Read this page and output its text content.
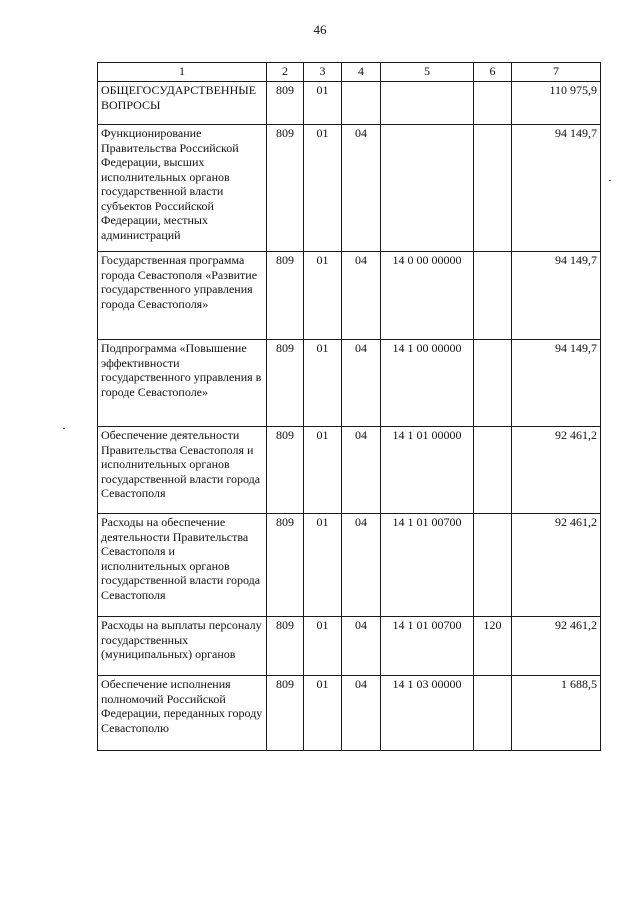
46
1	2	3	4	5	6	7
ОБЩЕГОСУДАРСТВЕННЫЕ ВОПРОСЫ	809	01				110 975,9
Функционирование Правительства Российской Федерации, высших исполнительных органов государственной власти субъектов Российской Федерации, местных администраций	809	01	04			94 149,7
Государственная программа города Севастополя «Развитие государственного управления города Севастополя»	809	01	04	14 0 00 00000		94 149,7
Подпрограмма «Повышение эффективности государственного управления в городе Севастополе»	809	01	04	14 1 00 00000		94 149,7
Обеспечение деятельности Правительства Севастополя и исполнительных органов государственной власти города Севастополя	809	01	04	14 1 01 00000		92 461,2
Расходы на обеспечение деятельности Правительства Севастополя и исполнительных органов государственной власти города Севастополя	809	01	04	14 1 01 00700		92 461,2
Расходы на выплаты персоналу государственных (муниципальных) органов	809	01	04	14 1 01 00700	120	92 461,2
Обеспечение исполнения полномочий Российской Федерации, переданных городу Севастополю	809	01	04	14 1 03 00000		1 688,5
